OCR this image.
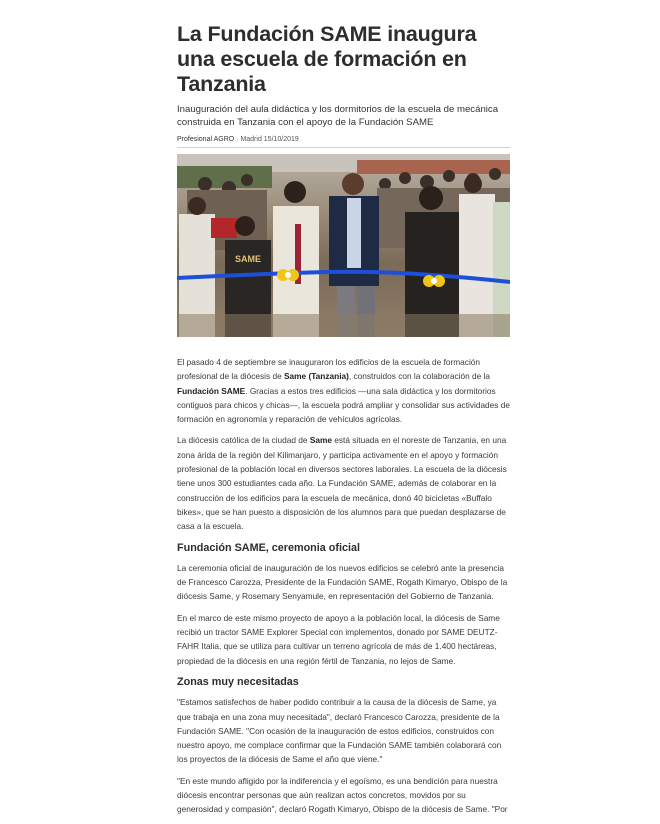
La Fundación SAME inaugura una escuela de formación en Tanzania
Inauguración del aula didáctica y los dormitorios de la escuela de mecánica construida en Tanzania con el apoyo de la Fundación SAME
Profesional AGRO · Madrid 15/10/2019
SAME

El pasado 4 de septiembre se inauguraron los edificios de la escuela de formación profesional de la diócesis de Same (Tanzania), construidos con la colaboración de la Fundación SAME. Gracias a estos tres edificios —una sala didáctica y los dormitorios contiguos para chicos y chicas—, la escuela podrá ampliar y consolidar sus actividades de formación en agronomía y reparación de vehículos agrícolas.

La diócesis católica de la ciudad de Same está situada en el noreste de Tanzania, en una zona árida de la región del Kilimanjaro, y participa activamente en el apoyo y formación profesional de la población local en diversos sectores laborales. La escuela de la diócesis tiene unos 300 estudiantes cada año. La Fundación SAME, además de colaborar en la construcción de los edificios para la escuela de mecánica, donó 40 bicicletas «Buffalo bikes», que se han puesto a disposición de los alumnos para que puedan desplazarse de casa a la escuela.

Fundación SAME, ceremonia oficial

La ceremonia oficial de inauguración de los nuevos edificios se celebró ante la presencia de Francesco Carozza, Presidente de la Fundación SAME, Rogath Kimaryo, Obispo de la diócesis Same, y Rosemary Senyamule, en representación del Gobierno de Tanzania.

En el marco de este mismo proyecto de apoyo a la población local, la diócesis de Same recibió un tractor SAME Explorer Special con implementos, donado por SAME DEUTZ-FAHR Italia, que se utiliza para cultivar un terreno agrícola de más de 1.400 hectáreas, propiedad de la diócesis en una región fértil de Tanzania, no lejos de Same.

Zonas muy necesitadas

"Estamos satisfechos de haber podido contribuir a la causa de la diócesis de Same, ya que trabaja en una zona muy necesitada", declaró Francesco Carozza, presidente de la Fundación SAME. "Con ocasión de la inauguración de estos edificios, construidos con nuestro apoyo, me complace confirmar que la Fundación SAME también colaborará con los proyectos de la diócesis de Same el año que viene."

"En este mundo afligido por la indiferencia y el egoísmo, es una bendición para nuestra diócesis encontrar personas que aún realizan actos concretos, movidos por su generosidad y compasión", declaró Rogath Kimaryo, Obispo de la diócesis de Same. "Por
